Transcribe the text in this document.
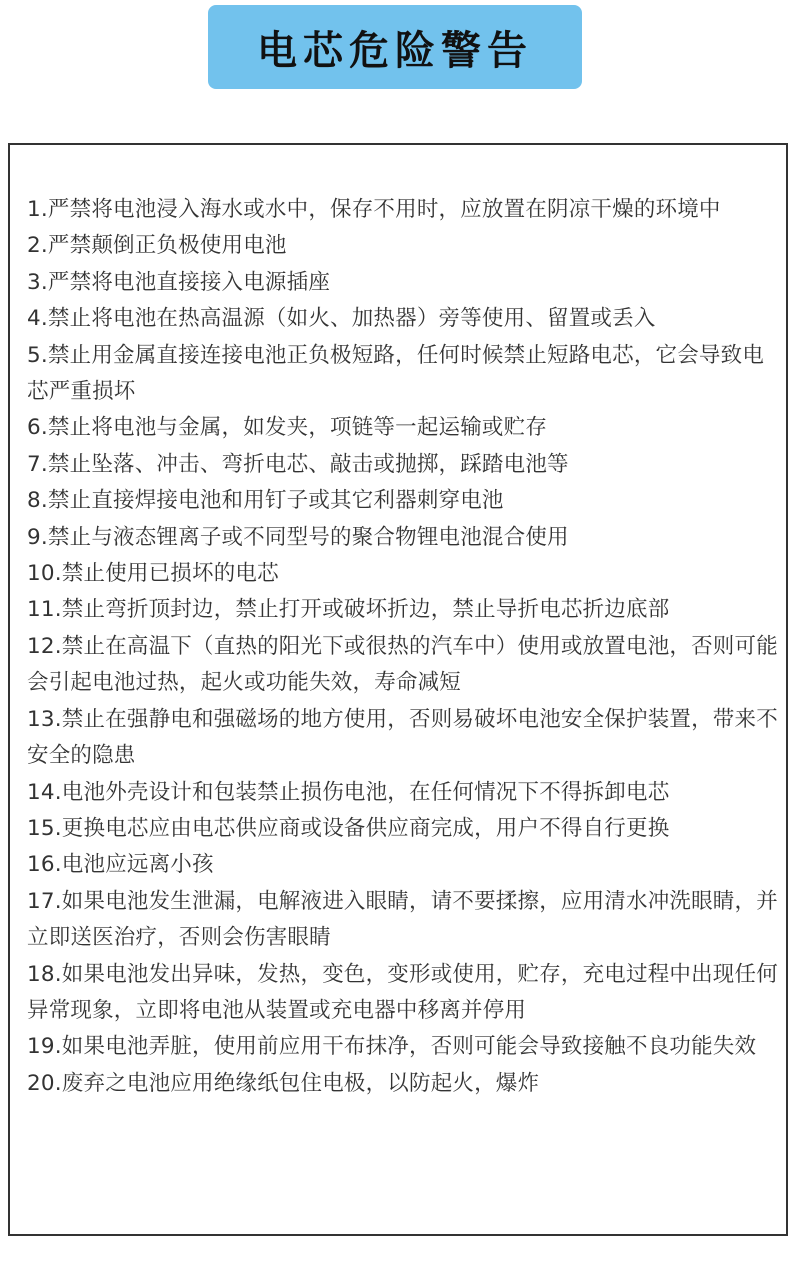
电芯危险警告
1.严禁将电池浸入海水或水中，保存不用时，应放置在阴凉干燥的环境中
2.严禁颠倒正负极使用电池
3.严禁将电池直接接入电源插座
4.禁止将电池在热高温源（如火、加热器）旁等使用、留置或丢入
5.禁止用金属直接连接电池正负极短路，任何时候禁止短路电芯，它会导致电芯严重损坏
6.禁止将电池与金属，如发夹，项链等一起运输或贮存
7.禁止坠落、冲击、弯折电芯、敲击或抛掷，踩踏电池等
8.禁止直接焊接电池和用钉子或其它利器刺穿电池
9.禁止与液态锂离子或不同型号的聚合物锂电池混合使用
10.禁止使用已损坏的电芯
11.禁止弯折顶封边，禁止打开或破坏折边，禁止导折电芯折边底部
12.禁止在高温下（直热的阳光下或很热的汽车中）使用或放置电池，否则可能会引起电池过热，起火或功能失效，寿命减短
13.禁止在强静电和强磁场的地方使用，否则易破坏电池安全保护装置，带来不安全的隐患
14.电池外壳设计和包装禁止损伤电池，在任何情况下不得拆卸电芯
15.更换电芯应由电芯供应商或设备供应商完成，用户不得自行更换
16.电池应远离小孩
17.如果电池发生泄漏，电解液进入眼睛，请不要揉擦，应用清水冲洗眼睛，并立即送医治疗，否则会伤害眼睛
18.如果电池发出异味，发热，变色，变形或使用，贮存，充电过程中出现任何异常现象，立即将电池从装置或充电器中移离并停用
19.如果电池弄脏，使用前应用干布抹净，否则可能会导致接触不良功能失效
20.废弃之电池应用绝缘纸包住电极，以防起火，爆炸
